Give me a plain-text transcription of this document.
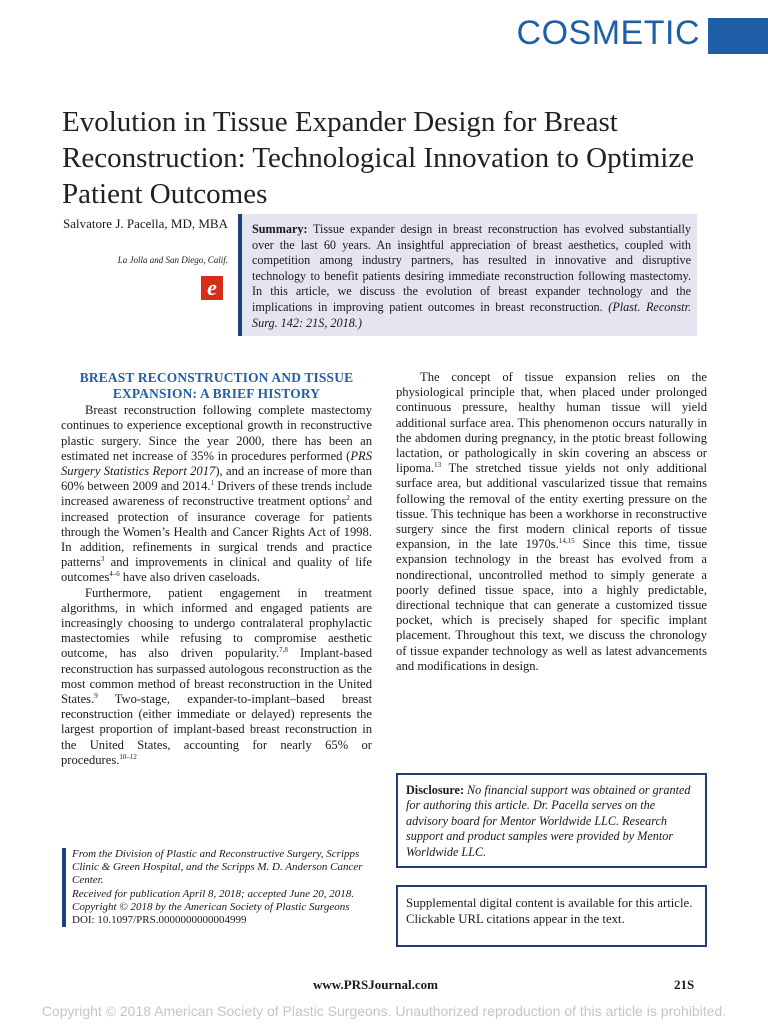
COSMETIC
Evolution in Tissue Expander Design for Breast Reconstruction: Technological Innovation to Optimize Patient Outcomes
Salvatore J. Pacella, MD, MBA
La Jolla and San Diego, Calif.
e
Summary: Tissue expander design in breast reconstruction has evolved substantially over the last 60 years. An insightful appreciation of breast aesthetics, coupled with competition among industry partners, has resulted in innovative and disruptive technology to benefit patients desiring immediate reconstruction following mastectomy. In this article, we discuss the evolution of breast expander technology and the implications in improving patient outcomes in breast reconstruction. (Plast. Reconstr. Surg. 142: 21S, 2018.)
BREAST RECONSTRUCTION AND TISSUE EXPANSION: A BRIEF HISTORY

Breast reconstruction following complete mastectomy continues to experience exceptional growth in reconstructive plastic surgery. Since the year 2000, there has been an estimated net increase of 35% in procedures performed (PRS Surgery Statistics Report 2017), and an increase of more than 60% between 2009 and 2014.$^1$ Drivers of these trends include increased awareness of reconstructive treatment options$^2$ and increased protection of insurance coverage for patients through the Women’s Health and Cancer Rights Act of 1998. In addition, refinements in surgical trends and practice patterns$^3$ and improvements in clinical and quality of life outcomes$^{4-6}$ have also driven caseloads.

Furthermore, patient engagement in treatment algorithms, in which informed and engaged patients are increasingly choosing to undergo contralateral prophylactic mastectomies while refusing to compromise aesthetic outcome, has also driven popularity.$^{7,8}$ Implant-based reconstruction has surpassed autologous reconstruction as the most common method of breast reconstruction in the United States.$^9$ Two-stage, expander-to-implant–based breast reconstruction (either immediate or delayed) represents the largest proportion of implant-based breast reconstruction in the United States, accounting for nearly 65% or procedures.$^{10-12}$

From the Division of Plastic and Reconstructive Surgery, Scripps Clinic & Green Hospital, and the Scripps M. D. Anderson Cancer Center.
Received for publication April 8, 2018; accepted June 20, 2018.
Copyright © 2018 by the American Society of Plastic Surgeons
DOI: 10.1097/PRS.0000000000004999

The concept of tissue expansion relies on the physiological principle that, when placed under prolonged continuous pressure, healthy human tissue will yield additional surface area. This phenomenon occurs naturally in the abdomen during pregnancy, in the ptotic breast following lactation, or pathologically in skin covering an abscess or lipoma.$^{13}$ The stretched tissue yields not only additional surface area, but additional vascularized tissue that remains following the removal of the entity exerting pressure on the tissue. This technique has been a workhorse in reconstructive surgery since the first modern clinical reports of tissue expansion, in the late 1970s.$^{14,15}$ Since this time, tissue expansion technology in the breast has evolved from a nondirectional, uncontrolled method to simply generate a poorly defined tissue space, into a highly predictable, directional technique that can generate a customized tissue pocket, which is precisely shaped for specific implant placement. Throughout this text, we discuss the chronology of tissue expander technology as well as latest advancements and modifications in design.

Disclosure: No financial support was obtained or granted for authoring this article. Dr. Pacella serves on the advisory board for Mentor Worldwide LLC. Research support and product samples were provided by Mentor Worldwide LLC.
Supplemental digital content is available for this article. Clickable URL citations appear in the text.
www.PRSJournal.com	21S
Copyright © 2018 American Society of Plastic Surgeons. Unauthorized reproduction of this article is prohibited.
